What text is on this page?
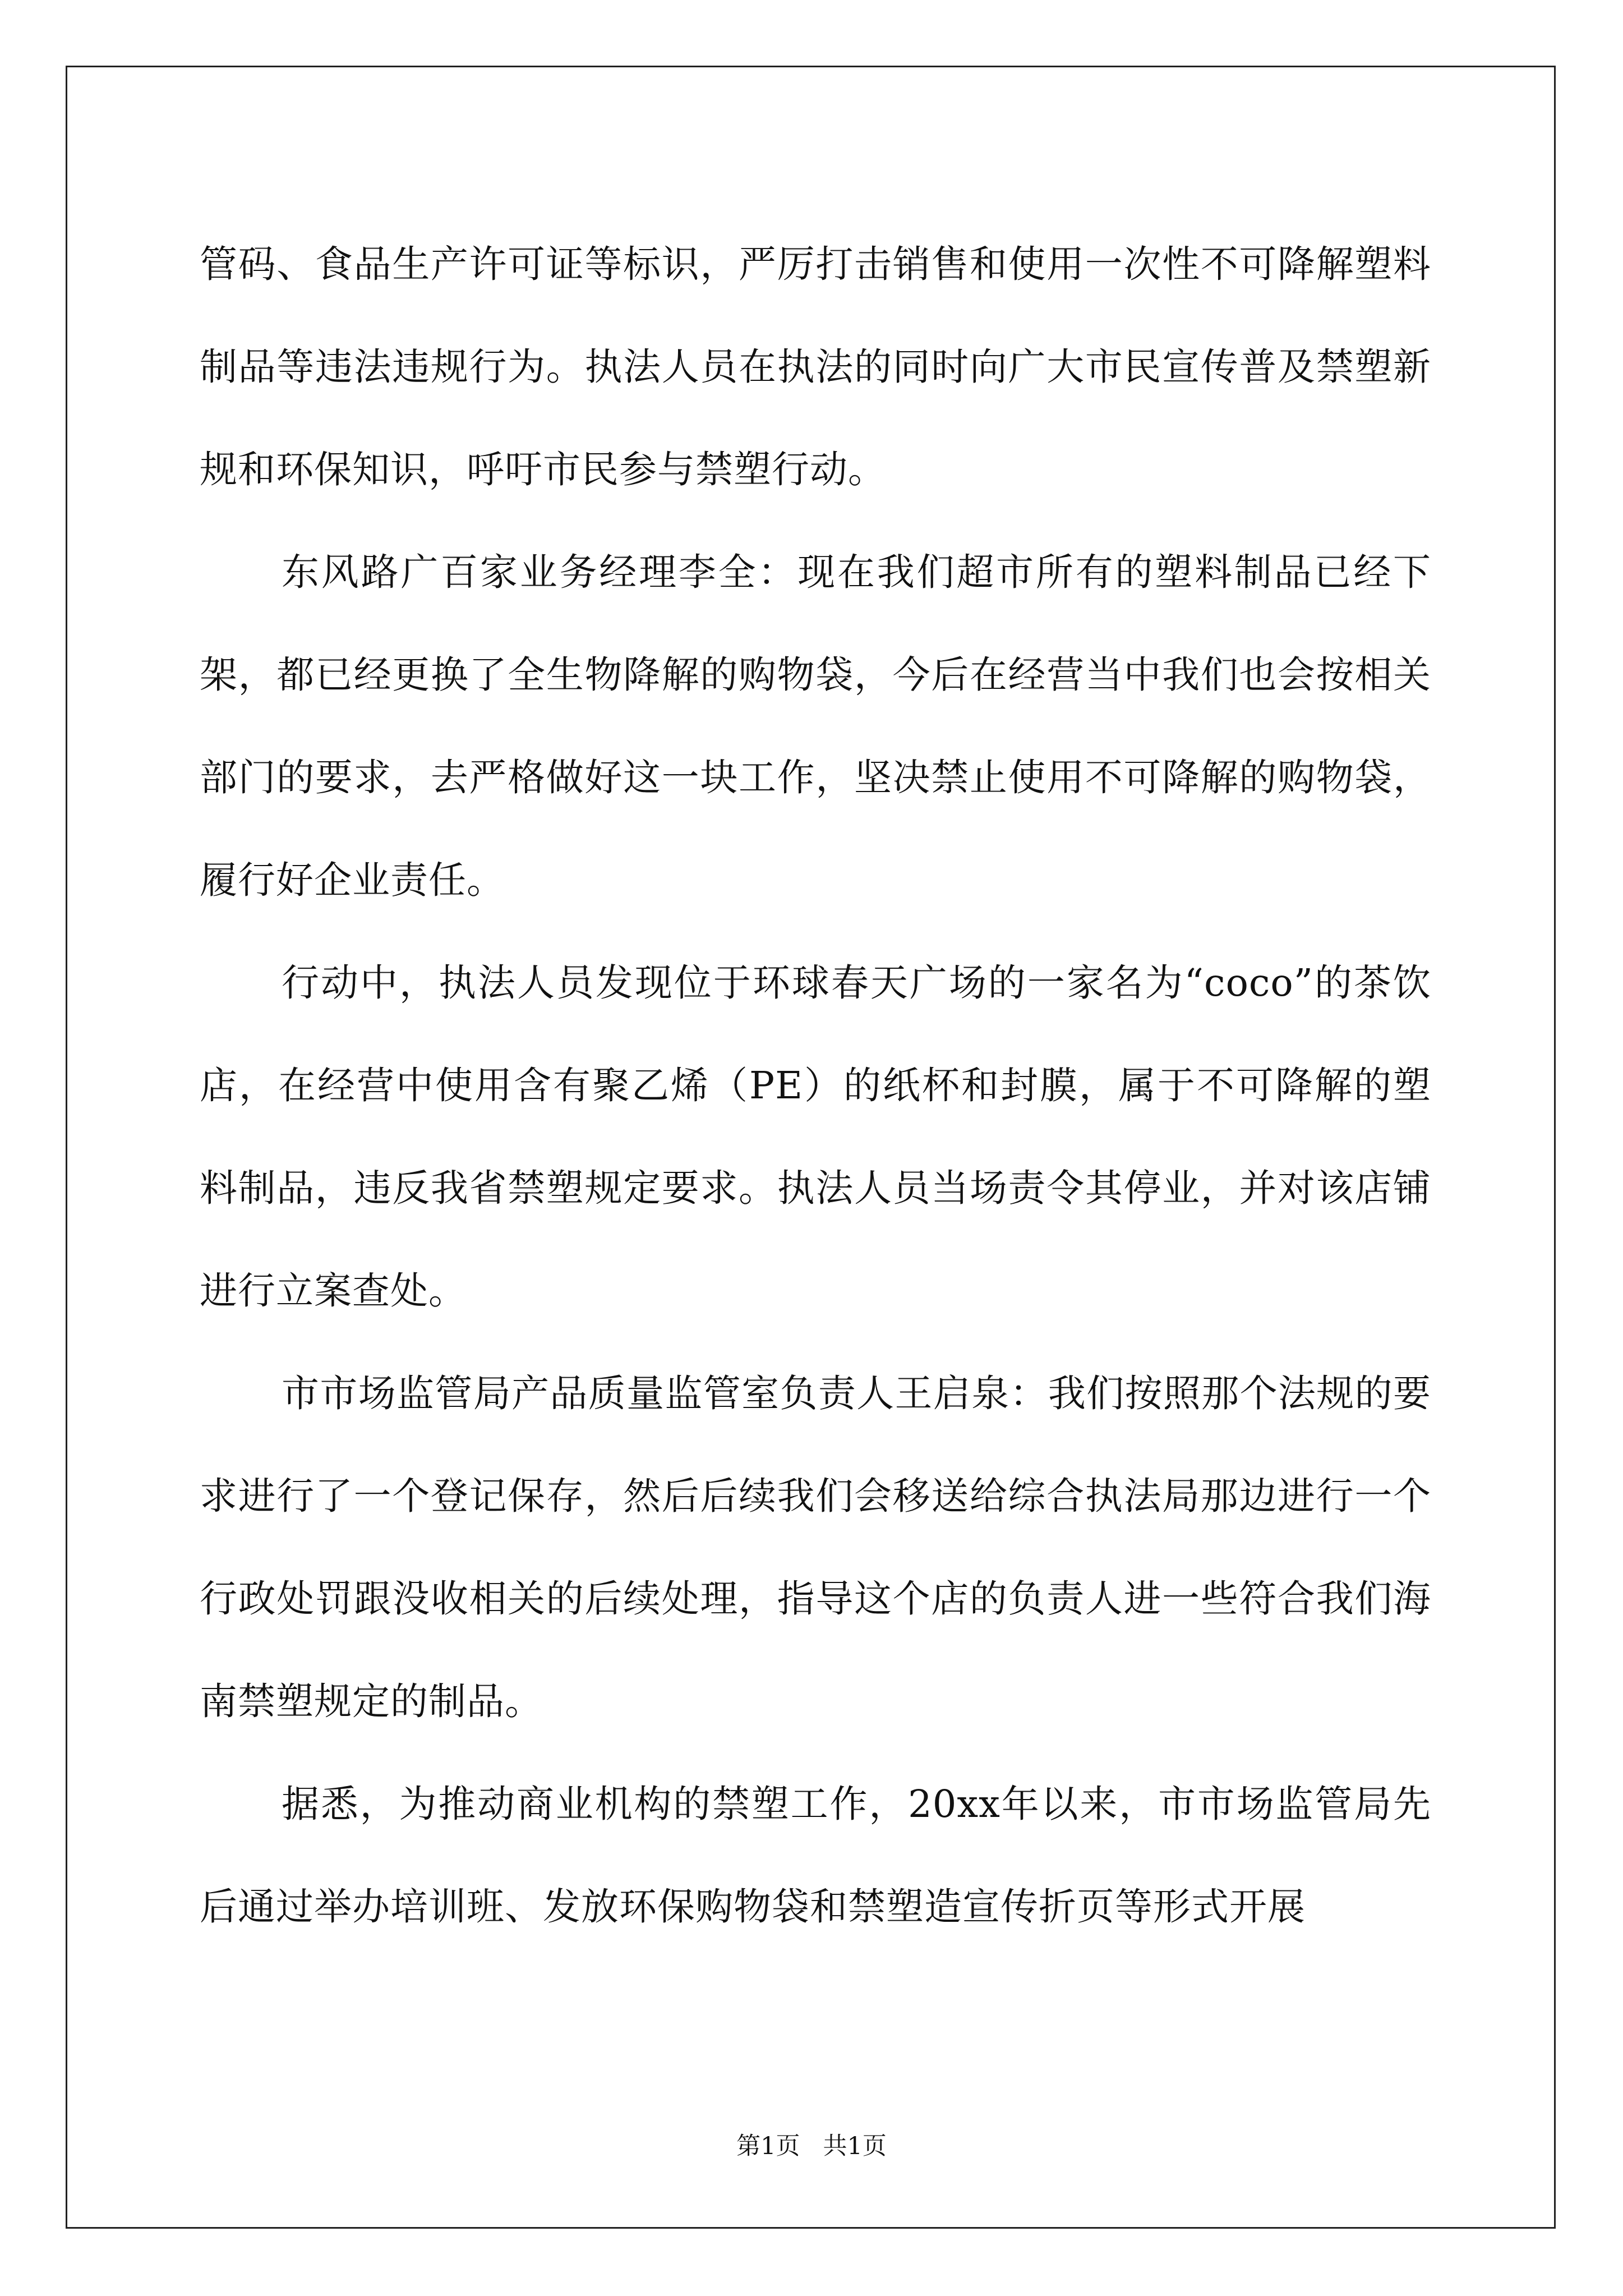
管码、食品生产许可证等标识，严厉打击销售和使用一次性不可降解塑料制品等违法违规行为。执法人员在执法的同时向广大市民宣传普及禁塑新规和环保知识，呼吁市民参与禁塑行动。

东风路广百家业务经理李全：现在我们超市所有的塑料制品已经下架，都已经更换了全生物降解的购物袋，今后在经营当中我们也会按相关部门的要求，去严格做好这一块工作，坚决禁止使用不可降解的购物袋，履行好企业责任。

行动中，执法人员发现位于环球春天广场的一家名为“coco”的茶饮店，在经营中使用含有聚乙烯（PE）的纸杯和封膜，属于不可降解的塑料制品，违反我省禁塑规定要求。执法人员当场责令其停业，并对该店铺进行立案查处。

市市场监管局产品质量监管室负责人王启泉：我们按照那个法规的要求进行了一个登记保存，然后后续我们会移送给综合执法局那边进行一个行政处罚跟没收相关的后续处理，指导这个店的负责人进一些符合我们海南禁塑规定的制品。

据悉，为推动商业机构的禁塑工作，20xx年以来，市市场监管局先后通过举办培训班、发放环保购物袋和禁塑造宣传折页等形式开展

第1页 共1页
